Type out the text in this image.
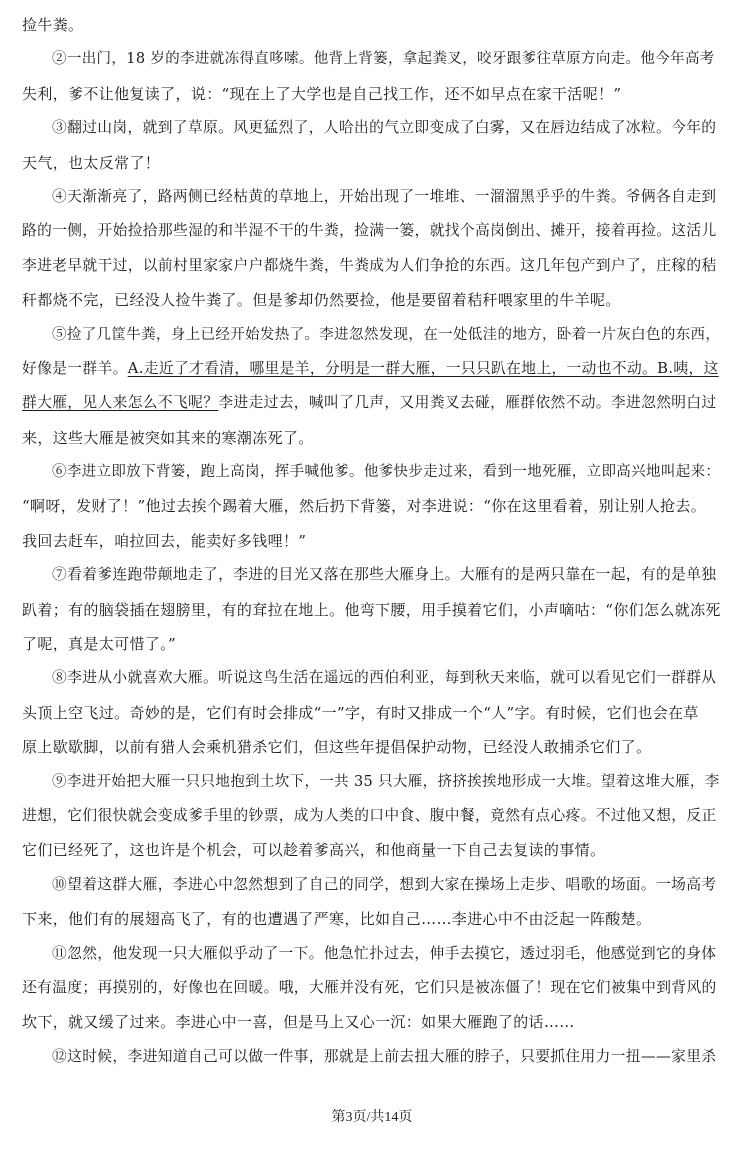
捡牛粪。
②一出门，18 岁的李进就冻得直哆嗦。他背上背篓，拿起粪叉，咬牙跟爹往草原方向走。他今年高考
失利，爹不让他复读了，说：“现在上了大学也是自己找工作，还不如早点在家干活呢！”
③翻过山岗，就到了草原。风更猛烈了，人哈出的气立即变成了白雾，又在唇边结成了冰粒。今年的
天气，也太反常了！
④天渐渐亮了，路两侧已经枯黄的草地上，开始出现了一堆堆、一溜溜黑乎乎的牛粪。爷俩各自走到
路的一侧，开始捡拾那些湿的和半湿不干的牛粪，捡满一篓，就找个高岗倒出、摊开，接着再捡。这活儿
李进老早就干过，以前村里家家户户都烧牛粪，牛粪成为人们争抢的东西。这几年包产到户了，庄稼的秸
秆都烧不完，已经没人捡牛粪了。但是爹却仍然要捡，他是要留着秸秆喂家里的牛羊呢。
⑤捡了几筐牛粪，身上已经开始发热了。李进忽然发现，在一处低洼的地方，卧着一片灰白色的东西，
好像是一群羊。A.走近了才看清，哪里是羊，分明是一群大雁，一只只趴在地上，一动也不动。B.咦，这
群大雁，见人来怎么不飞呢？李进走过去，喊叫了几声，又用粪叉去碰，雁群依然不动。李进忽然明白过
来，这些大雁是被突如其来的寒潮冻死了。
⑥李进立即放下背篓，跑上高岗，挥手喊他爹。他爹快步走过来，看到一地死雁，立即高兴地叫起来：
“啊呀，发财了！”他过去挨个踢着大雁，然后扔下背篓，对李进说：“你在这里看着，别让别人抢去。
我回去赶车，咱拉回去，能卖好多钱哩！”
⑦看着爹连跑带颠地走了，李进的目光又落在那些大雁身上。大雁有的是两只靠在一起，有的是单独
趴着；有的脑袋插在翅膀里，有的耷拉在地上。他弯下腰，用手摸着它们，小声嘀咕：“你们怎么就冻死
了呢，真是太可惜了。”
⑧李进从小就喜欢大雁。听说这鸟生活在遥远的西伯利亚，每到秋天来临，就可以看见它们一群群从
头顶上空飞过。奇妙的是，它们有时会排成“一”字，有时又排成一个“人”字。有时候，它们也会在草
原上歇歇脚，以前有猎人会乘机猎杀它们，但这些年提倡保护动物，已经没人敢捕杀它们了。
⑨李进开始把大雁一只只地抱到土坎下，一共 35 只大雁，挤挤挨挨地形成一大堆。望着这堆大雁，李
进想，它们很快就会变成爹手里的钞票，成为人类的口中食、腹中餐，竟然有点心疼。不过他又想，反正
它们已经死了，这也许是个机会，可以趁着爹高兴，和他商量一下自己去复读的事情。
⑩望着这群大雁，李进心中忽然想到了自己的同学，想到大家在操场上走步、唱歌的场面。一场高考
下来，他们有的展翅高飞了，有的也遭遇了严寒，比如自己……李进心中不由泛起一阵酸楚。
⑪忽然，他发现一只大雁似乎动了一下。他急忙扑过去，伸手去摸它，透过羽毛，他感觉到它的身体
还有温度；再摸别的，好像也在回暖。哦，大雁并没有死，它们只是被冻僵了！现在它们被集中到背风的
坎下，就又缓了过来。李进心中一喜，但是马上又心一沉：如果大雁跑了的话……
⑫这时候，李进知道自己可以做一件事，那就是上前去扭大雁的脖子，只要抓住用力一扭——家里杀
第3页/共14页
